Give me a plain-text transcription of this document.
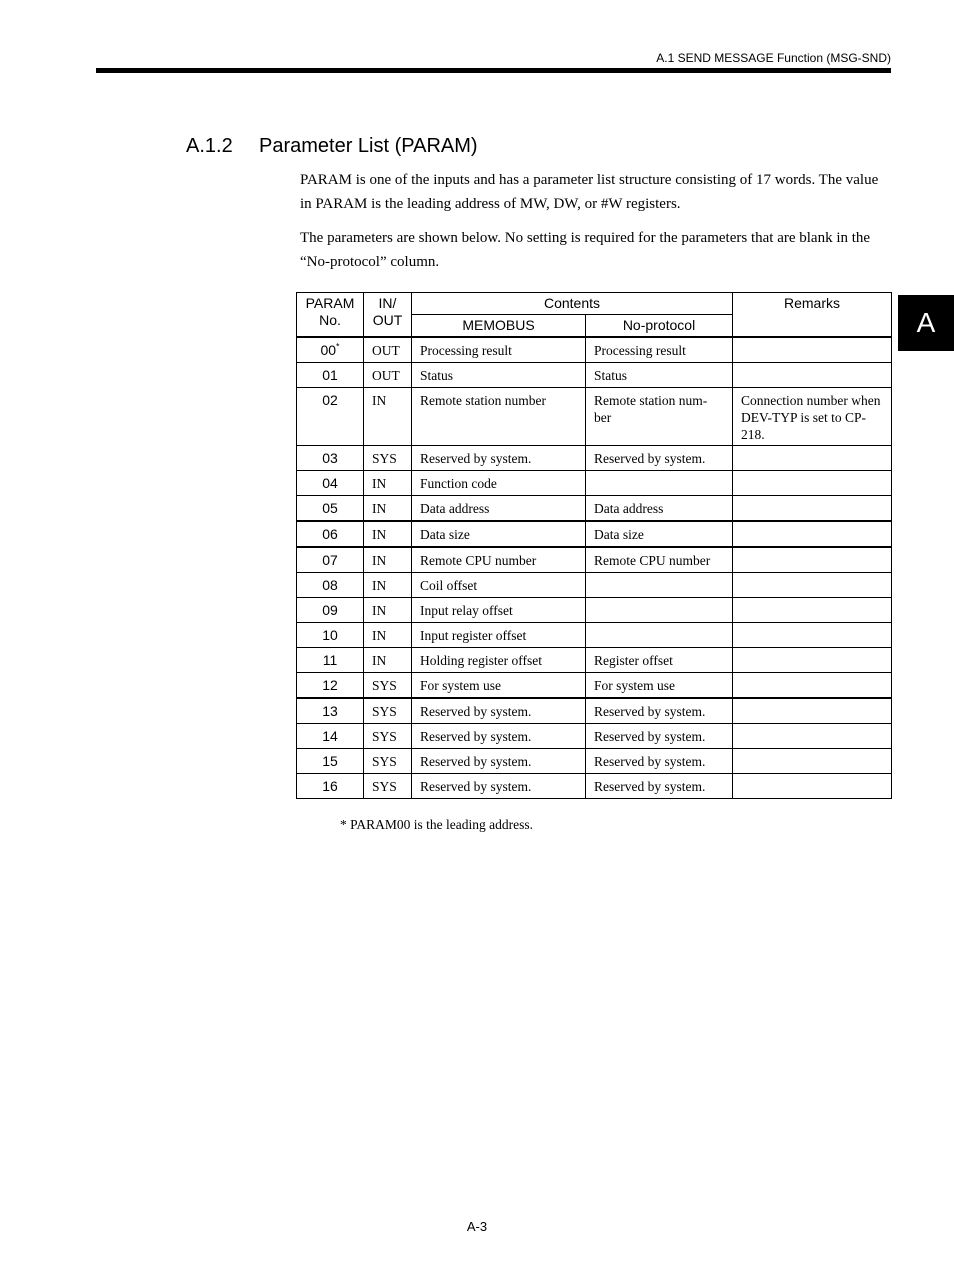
A.1 SEND MESSAGE Function (MSG-SND)
A.1.2 Parameter List (PARAM)

PARAM is one of the inputs and has a parameter list structure consisting of 17 words. The value in PARAM is the leading address of MW, DW, or #W registers.

The parameters are shown below. No setting is required for the parameters that are blank in the “No-protocol” column.

A
PARAM No.	IN/ OUT	Contents		Remarks
		MEMOBUS	No-protocol	
00*	OUT	Processing result	Processing result	
01	OUT	Status	Status	
02	IN	Remote station number	Remote station num-ber	Connection number when DEV-TYP is set to CP-218.
03	SYS	Reserved by system.	Reserved by system.	
04	IN	Function code		
05	IN	Data address	Data address	
06	IN	Data size	Data size	
07	IN	Remote CPU number	Remote CPU number	
08	IN	Coil offset		
09	IN	Input relay offset		
10	IN	Input register offset		
11	IN	Holding register offset	Register offset	
12	SYS	For system use	For system use	
13	SYS	Reserved by system.	Reserved by system.	
14	SYS	Reserved by system.	Reserved by system.	
15	SYS	Reserved by system.	Reserved by system.	
16	SYS	Reserved by system.	Reserved by system.	
* PARAM00 is the leading address.
A-3
